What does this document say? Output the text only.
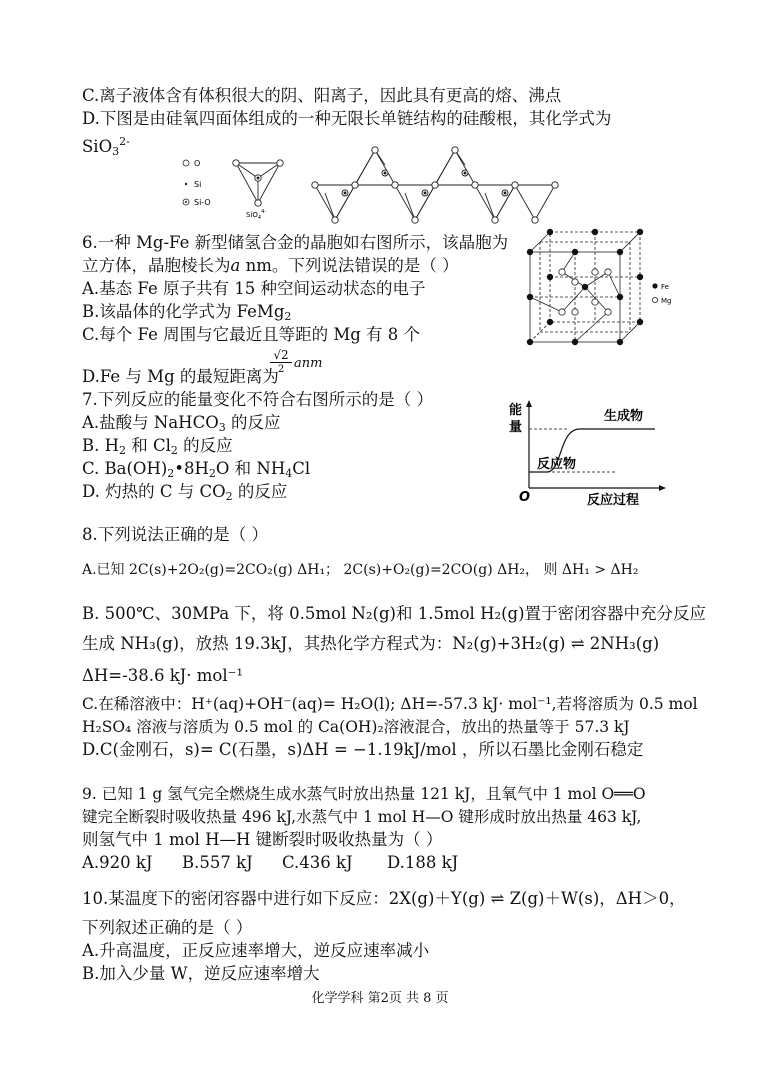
C.离子液体含有体积很大的阴、阳离子，因此具有更高的熔、沸点
D.下图是由硅氧四面体组成的一种无限长单链结构的硅酸根，其化学式为
SiO$_3^{2-}$
O
Si
Si-O
SiO$_4^{4-}$
6.一种 Mg-Fe 新型储氢合金的晶胞如右图所示，该晶胞为
立方体，晶胞棱长为a nm。下列说法错误的是（ ）
A.基态 Fe 原子共有 15 种空间运动状态的电子
B.该晶体的化学式为 FeMg$_2$
C.每个 Fe 周围与它最近且等距的 Mg 有 8 个
D.Fe 与 Mg 的最短距离为
√2
2 anm
Fe
Mg
7.下列反应的能量变化不符合右图所示的是（ ）
A.盐酸与 NaHCO$_3$ 的反应
B. $H_2$ 和 $Cl_2$ 的反应
C. $Ba(OH)_2•8H_2O$ 和 $NH_4Cl$
D. 灼热的 C 与 $CO_2$ 的反应
能
量
生成物
反应物
O	反应过程
8.下列说法正确的是（ ）
A.已知 2C(s)+2O₂(g)=2CO₂(g) ΔH₁； 2C(s)+O₂(g)=2CO(g) ΔH₂， 则 ΔH₁ > ΔH₂
B. 500℃、30MPa 下，将 0.5mol N₂(g)和 1.5mol H₂(g)置于密闭容器中充分反应
生成 NH₃(g)，放热 19.3kJ，其热化学方程式为：N₂(g)+3H₂(g) ⇌ 2NH₃(g)
ΔH=-38.6 kJ· mol⁻¹
C.在稀溶液中：H⁺(aq)+OH⁻(aq)= H₂O(l); ΔH=-57.3 kJ· mol⁻¹,若将溶质为 0.5 mol
H₂SO₄ 溶液与溶质为 0.5 mol 的 Ca(OH)₂溶液混合，放出的热量等于 57.3 kJ
D.C(金刚石，s)= C(石墨，s)ΔH = −1.19kJ/mol ，所以石墨比金刚石稳定
9. 已知 1 g 氢气完全燃烧生成水蒸气时放出热量 121 kJ，且氧气中 1 mol O══O
键完全断裂时吸收热量 496 kJ,水蒸气中 1 mol H—O 键形成时放出热量 463 kJ,
则氢气中 1 mol H—H 键断裂时吸收热量为（ ）
A.920 kJ B.557 kJ C.436 kJ D.188 kJ
10.某温度下的密闭容器中进行如下反应：2X(g)＋Y(g) ⇌ Z(g)＋W(s)，ΔH＞0，
下列叙述正确的是（ ）
A.升高温度，正反应速率增大，逆反应速率减小
B.加入少量 W，逆反应速率增大
化学学科 第2页 共 8 页
